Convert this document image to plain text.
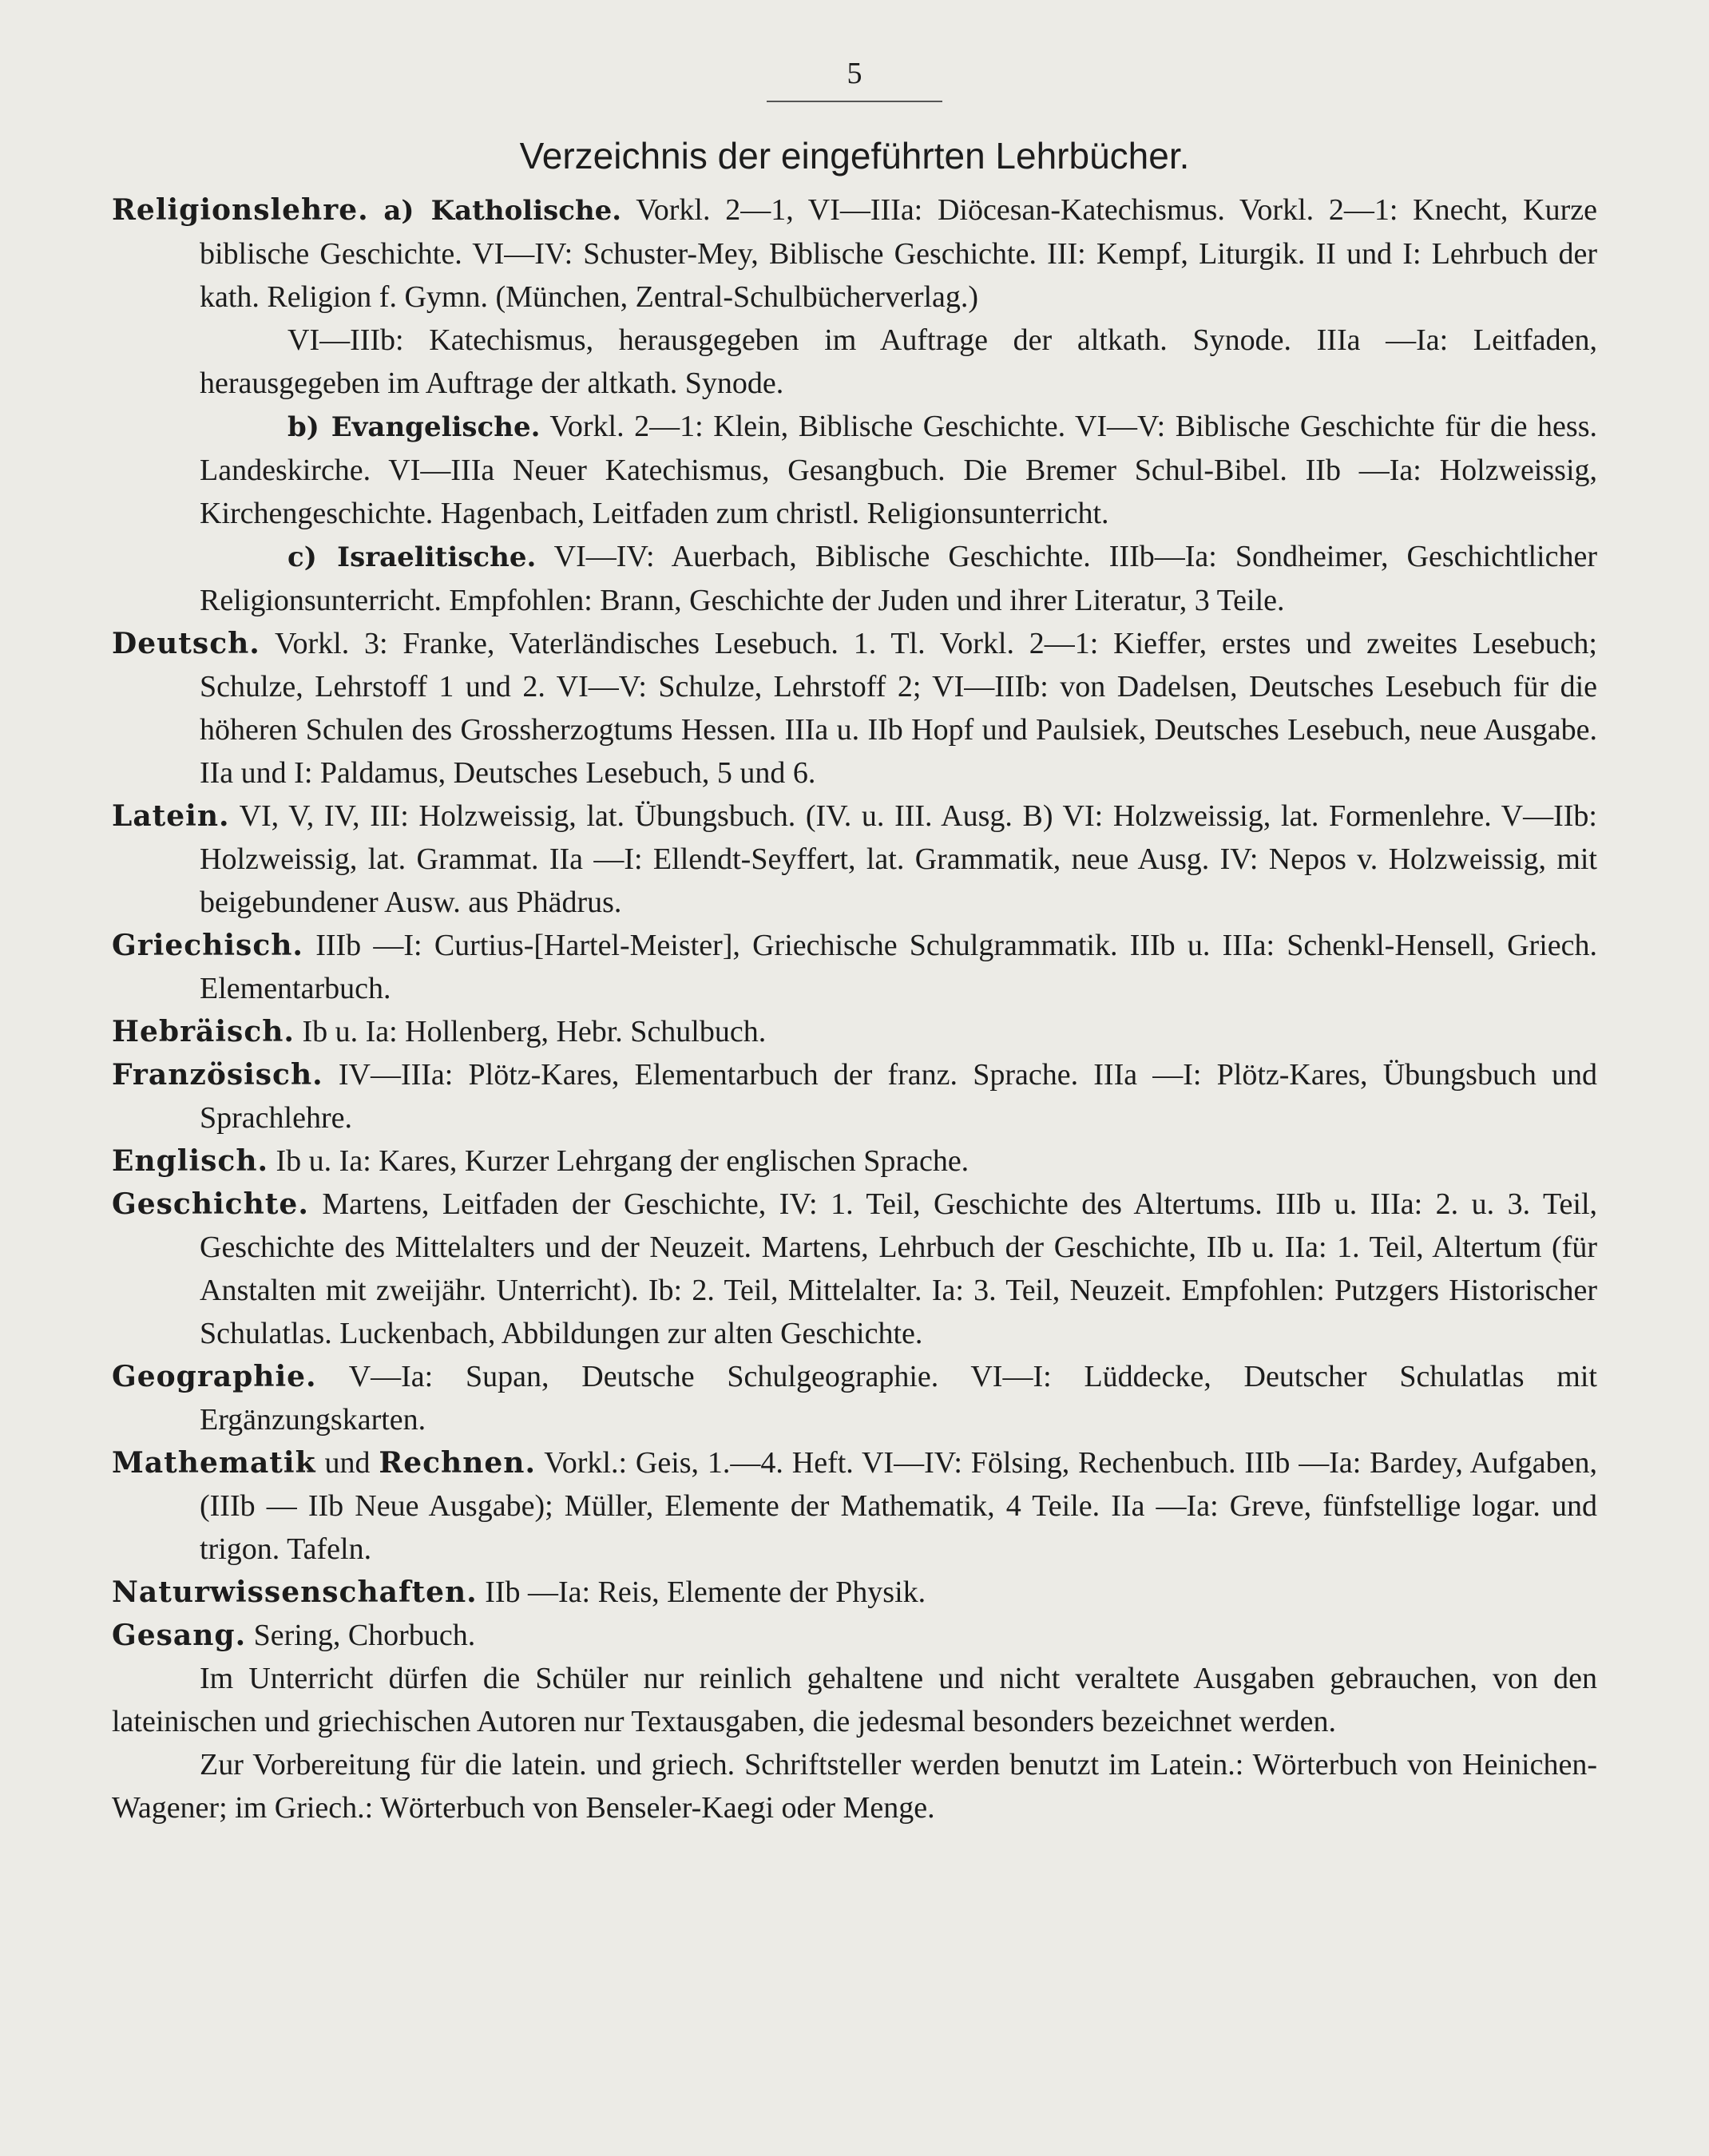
5
Verzeichnis der eingeführten Lehrbücher.

Religionslehre. a) Katholische. Vorkl. 2—1, VI—IIIa: Diöcesan-Katechismus. Vorkl. 2—1: Knecht, Kurze biblische Geschichte. VI—IV: Schuster-Mey, Biblische Geschichte. III: Kempf, Liturgik. II und I: Lehrbuch der kath. Religion f. Gymn. (München, Zentral-Schulbücherverlag.)

VI—IIIb: Katechismus, herausgegeben im Auftrage der altkath. Synode. IIIa —Ia: Leitfaden, herausgegeben im Auftrage der altkath. Synode.

b) Evangelische. Vorkl. 2—1: Klein, Biblische Geschichte. VI—V: Biblische Geschichte für die hess. Landeskirche. VI—IIIa Neuer Katechismus, Gesangbuch. Die Bremer Schul-Bibel. IIb —Ia: Holzweissig, Kirchengeschichte. Hagenbach, Leitfaden zum christl. Religionsunterricht.

c) Israelitische. VI—IV: Auerbach, Biblische Geschichte. IIIb—Ia: Sondheimer, Geschichtlicher Religionsunterricht. Empfohlen: Brann, Geschichte der Juden und ihrer Literatur, 3 Teile.

Deutsch. Vorkl. 3: Franke, Vaterländisches Lesebuch. 1. Tl. Vorkl. 2—1: Kieffer, erstes und zweites Lesebuch; Schulze, Lehrstoff 1 und 2. VI—V: Schulze, Lehrstoff 2; VI—IIIb: von Dadelsen, Deutsches Lesebuch für die höheren Schulen des Grossherzogtums Hessen. IIIa u. IIb Hopf und Paulsiek, Deutsches Lesebuch, neue Ausgabe. IIa und I: Paldamus, Deutsches Lesebuch, 5 und 6.

Latein. VI, V, IV, III: Holzweissig, lat. Übungsbuch. (IV. u. III. Ausg. B) VI: Holzweissig, lat. Formenlehre. V—IIb: Holzweissig, lat. Grammat. IIa —I: Ellendt-Seyffert, lat. Grammatik, neue Ausg. IV: Nepos v. Holzweissig, mit beigebundener Ausw. aus Phädrus.

Griechisch. IIIb —I: Curtius-[Hartel-Meister], Griechische Schulgrammatik. IIIb u. IIIa: Schenkl-Hensell, Griech. Elementarbuch.

Hebräisch. Ib u. Ia: Hollenberg, Hebr. Schulbuch.

Französisch. IV—IIIa: Plötz-Kares, Elementarbuch der franz. Sprache. IIIa —I: Plötz-Kares, Übungsbuch und Sprachlehre.

Englisch. Ib u. Ia: Kares, Kurzer Lehrgang der englischen Sprache.

Geschichte. Martens, Leitfaden der Geschichte, IV: 1. Teil, Geschichte des Altertums. IIIb u. IIIa: 2. u. 3. Teil, Geschichte des Mittelalters und der Neuzeit. Martens, Lehrbuch der Geschichte, IIb u. IIa: 1. Teil, Altertum (für Anstalten mit zweijähr. Unterricht). Ib: 2. Teil, Mittelalter. Ia: 3. Teil, Neuzeit. Empfohlen: Putzgers Historischer Schulatlas. Luckenbach, Abbildungen zur alten Geschichte.

Geographie. V—Ia: Supan, Deutsche Schulgeographie. VI—I: Lüddecke, Deutscher Schulatlas mit Ergänzungskarten.

Mathematik und Rechnen. Vorkl.: Geis, 1.—4. Heft. VI—IV: Fölsing, Rechenbuch. IIIb —Ia: Bardey, Aufgaben, (IIIb — IIb Neue Ausgabe); Müller, Elemente der Mathematik, 4 Teile. IIa —Ia: Greve, fünfstellige logar. und trigon. Tafeln.

Naturwissenschaften. IIb —Ia: Reis, Elemente der Physik.

Gesang. Sering, Chorbuch.

Im Unterricht dürfen die Schüler nur reinlich gehaltene und nicht veraltete Ausgaben gebrauchen, von den lateinischen und griechischen Autoren nur Textausgaben, die jedesmal besonders bezeichnet werden.

Zur Vorbereitung für die latein. und griech. Schriftsteller werden benutzt im Latein.: Wörterbuch von Heinichen-Wagener; im Griech.: Wörterbuch von Benseler-Kaegi oder Menge.
